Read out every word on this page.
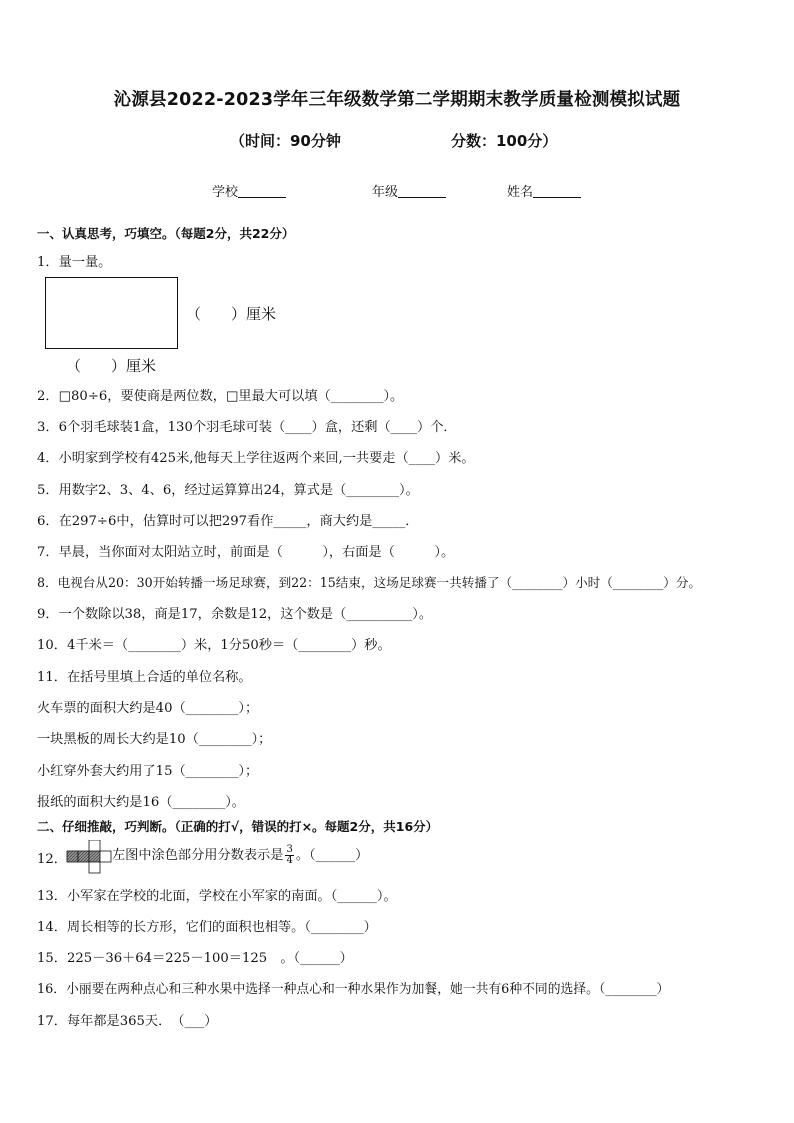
沁源县2022-2023学年三年级数学第二学期期末教学质量检测模拟试题
（时间：90分钟	分数：100分）
学校	年级	姓名
一、认真思考，巧填空。（每题2分，共22分）
1．量一量。
（　　）厘米
（　　）厘米
2．□80÷6，要使商是两位数，□里最大可以填（________）。
3．6个羽毛球装1盒，130个羽毛球可装（____）盒，还剩（____）个．
4．小明家到学校有425米,他每天上学往返两个来回,一共要走（____）米。
5．用数字2、3、4、6，经过运算算出24，算式是（________）。
6．在297÷6中，估算时可以把297看作_____，商大约是_____．
7．早晨，当你面对太阳站立时，前面是（　　　），右面是（　　　）。
8．电视台从20：30开始转播一场足球赛，到22：15结束，这场足球赛一共转播了（________）小时（________）分。
9．一个数除以38，商是17，余数是12，这个数是（__________）。
10．4千米＝（________）米，1分50秒＝（________）秒。
11．在括号里填上合适的单位名称。
火车票的面积大约是40（________）；
一块黑板的周长大约是10（________）；
小红穿外套大约用了15（________）；
报纸的面积大约是16（________）。
二、仔细推敲，巧判断。（正确的打√，错误的打×。每题2分，共16分）
12．	左图中涂色部分用分数表示是 $\frac{3}{4}$ 。（______）
13．小军家在学校的北面，学校在小军家的南面。（______）。
14．周长相等的长方形，它们的面积也相等。（________）
15．225－36＋64＝225－100＝125　。（______）
16．小丽要在两种点心和三种水果中选择一种点心和一种水果作为加餐，她一共有6种不同的选择。（________）
17．每年都是365天．　（___）
